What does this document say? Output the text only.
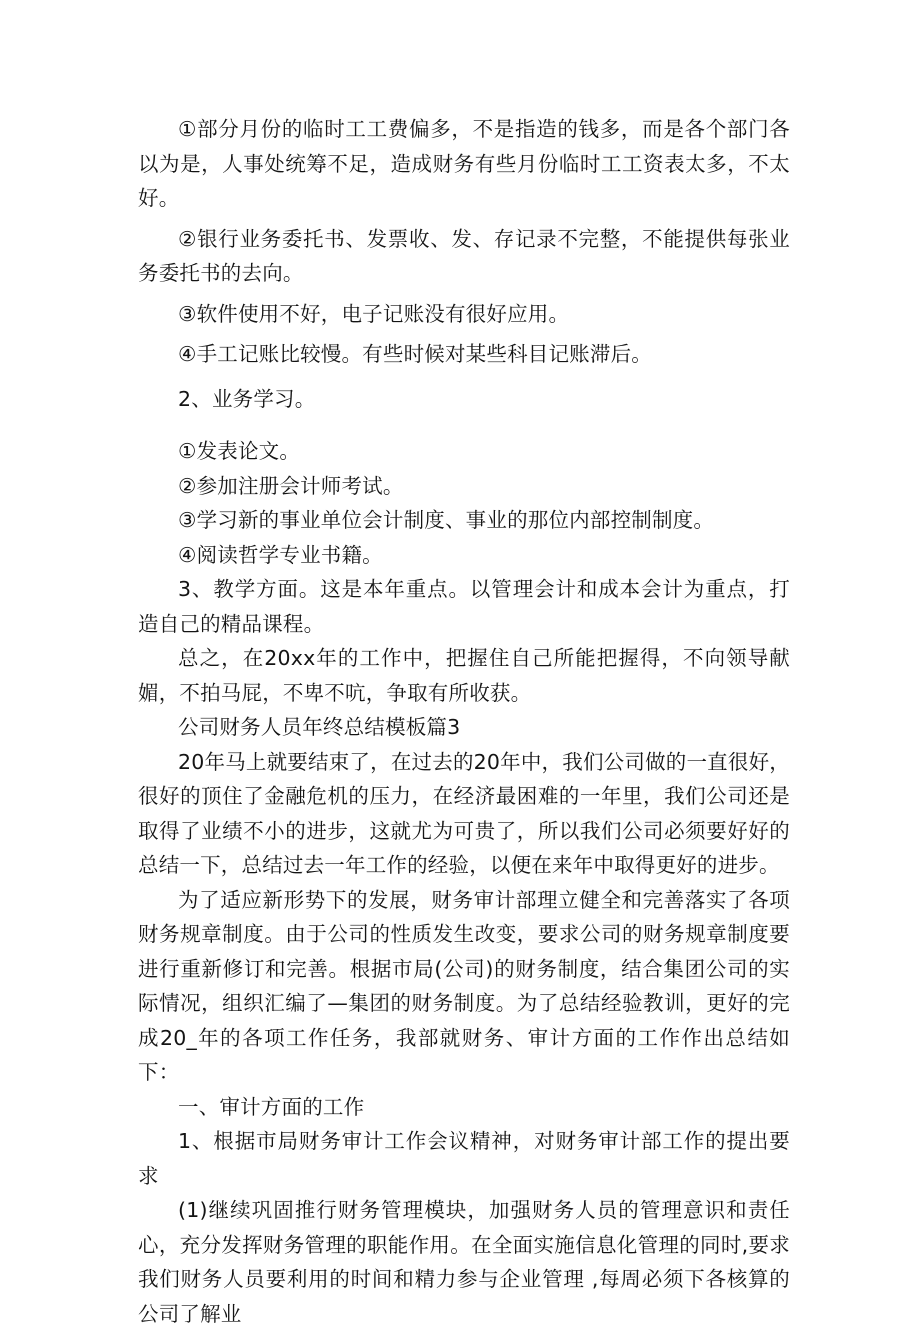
①部分月份的临时工工费偏多，不是指造的钱多，而是各个部门各以为是，人事处统筹不足，造成财务有些月份临时工工资表太多，不太好。

②银行业务委托书、发票收、发、存记录不完整，不能提供每张业务委托书的去向。

③软件使用不好，电子记账没有很好应用。

④手工记账比较慢。有些时候对某些科目记账滞后。

2、业务学习。

①发表论文。

②参加注册会计师考试。

③学习新的事业单位会计制度、事业的那位内部控制制度。

④阅读哲学专业书籍。

3、教学方面。这是本年重点。以管理会计和成本会计为重点，打造自己的精品课程。

总之，在20xx年的工作中，把握住自己所能把握得，不向领导献媚，不拍马屁，不卑不吭，争取有所收获。

公司财务人员年终总结模板篇3

20年马上就要结束了，在过去的20年中，我们公司做的一直很好，很好的顶住了金融危机的压力，在经济最困难的一年里，我们公司还是取得了业绩不小的进步，这就尤为可贵了，所以我们公司必须要好好的总结一下，总结过去一年工作的经验，以便在来年中取得更好的进步。

为了适应新形势下的发展，财务审计部理立健全和完善落实了各项财务规章制度。由于公司的性质发生改变，要求公司的财务规章制度要进行重新修订和完善。根据市局(公司)的财务制度，结合集团公司的实际情况，组织汇编了—集团的财务制度。为了总结经验教训，更好的完成20_年的各项工作任务，我部就财务、审计方面的工作作出总结如下：

一、审计方面的工作

1、根据市局财务审计工作会议精神，对财务审计部工作的提出要求

(1)继续巩固推行财务管理模块，加强财务人员的管理意识和责任心，充分发挥财务管理的职能作用。在全面实施信息化管理的同时,要求我们财务人员要利用的时间和精力参与企业管理 ,每周必须下各核算的公司了解业
